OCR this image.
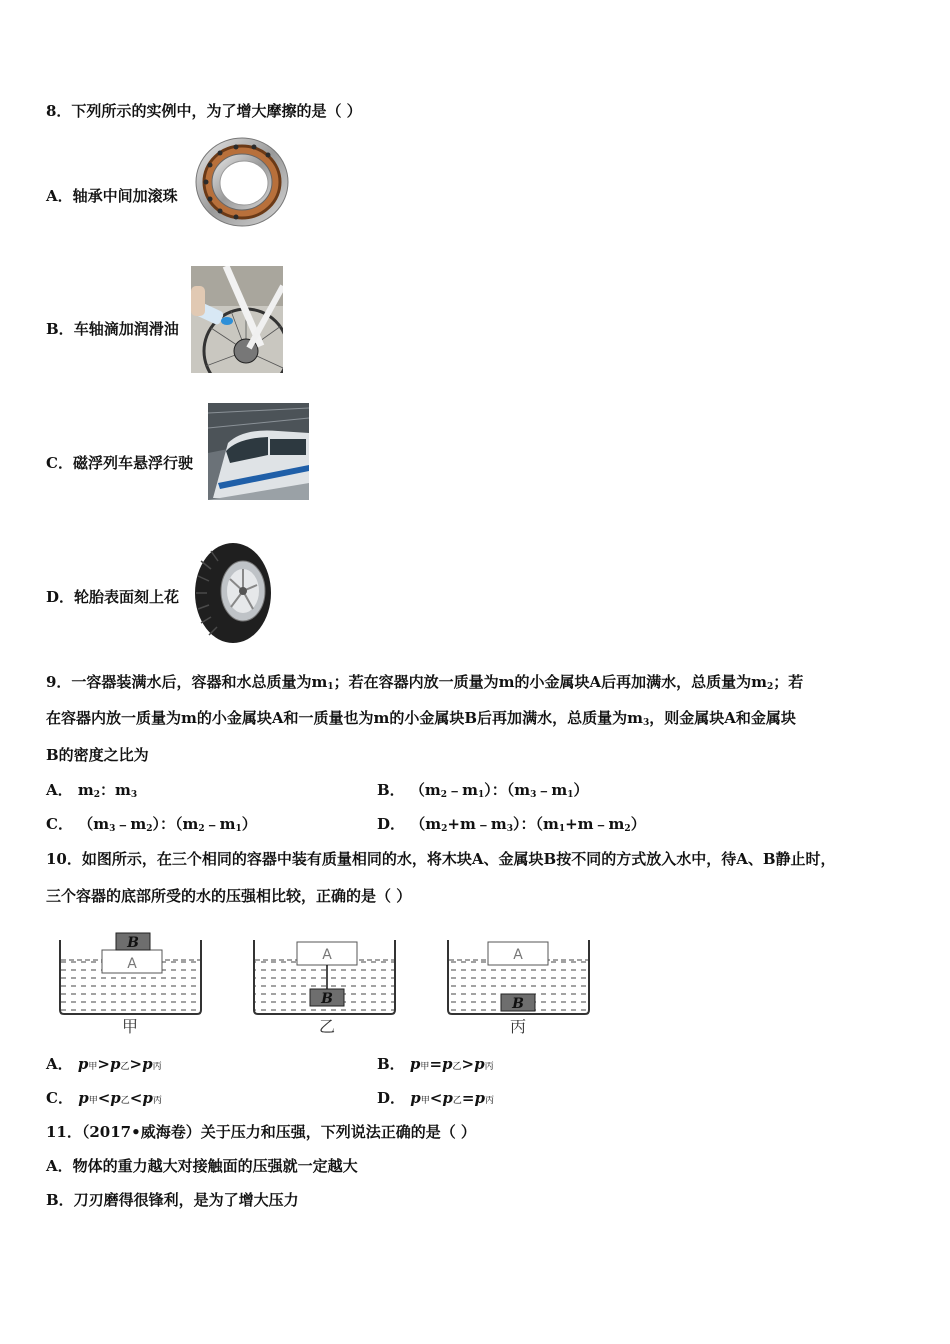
8．下列所示的实例中，为了增大摩擦的是（ ）
A．轴承中间加滚珠
B．车轴滴加润滑油
C．磁浮列车悬浮行驶
D．轮胎表面刻上花
9．一容器装满水后，容器和水总质量为$m_1$；若在容器内放一质量为m的小金属块A后再加满水，总质量为$m_2$；若
在容器内放一质量为m的小金属块A和一质量也为m的小金属块B后再加满水，总质量为$m_3$，则金属块A和金属块
B的密度之比为
A． $m_2$：$m_3$	B． $(m_2﹣m_1)$：$(m_3﹣m_1)$
C． $(m_3﹣m_2)$：$(m_2﹣m_1)$	D． $(m_2+m﹣m_3)$：$(m_1+m﹣m_2)$
10．如图所示，在三个相同的容器中装有质量相同的水，将木块A、金属块B按不同的方式放入水中，待A、B静止时，
三个容器的底部所受的水的压强相比较，正确的是（ ）
A
B
甲
A
B
乙
A
B
丙
A． p甲>p乙>p丙	B． p甲=p乙>p丙
C． p甲<p乙<p丙	D． p甲<p乙=p丙
11．（2017•威海卷）关于压力和压强，下列说法正确的是（ ）
A．物体的重力越大对接触面的压强就一定越大
B．刀刃磨得很锋利，是为了增大压力
